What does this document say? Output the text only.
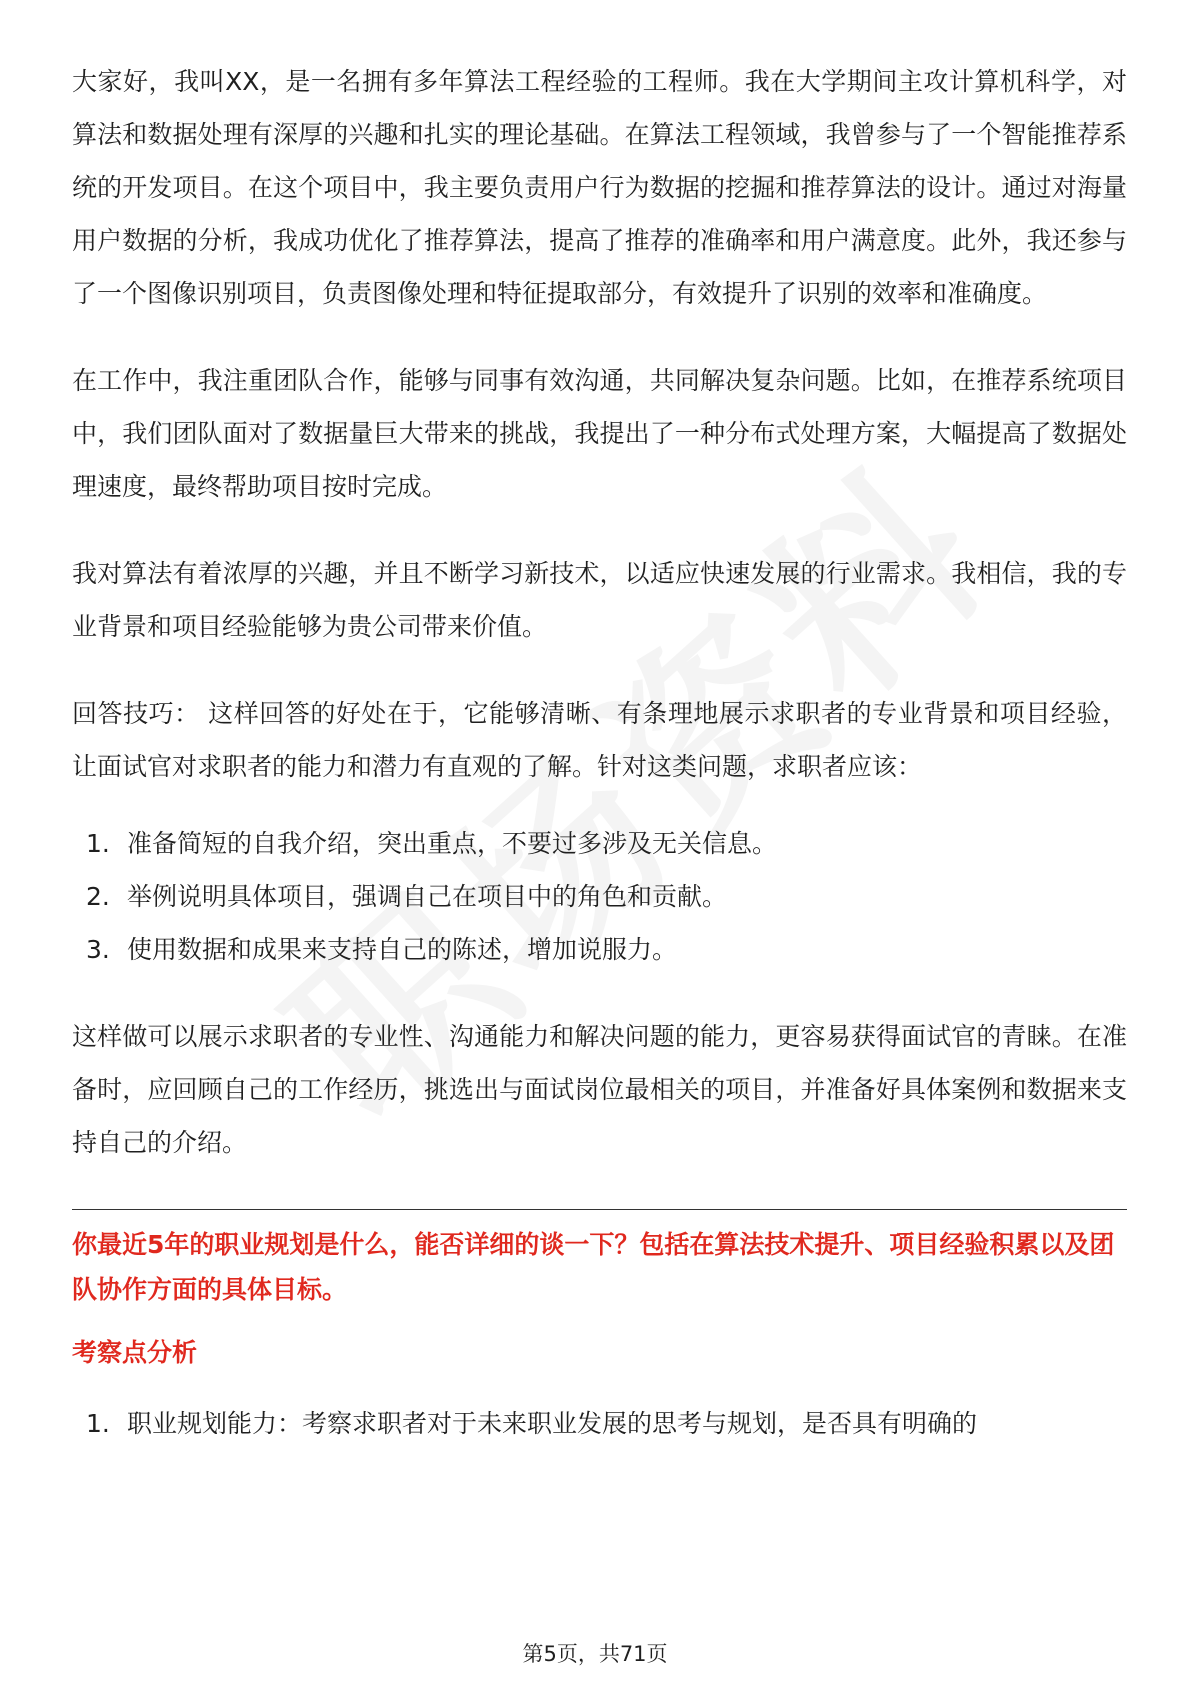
大家好，我叫XX，是一名拥有多年算法工程经验的工程师。我在大学期间主攻计算机科学，对算法和数据处理有深厚的兴趣和扎实的理论基础。在算法工程领域，我曾参与了一个智能推荐系统的开发项目。在这个项目中，我主要负责用户行为数据的挖掘和推荐算法的设计。通过对海量用户数据的分析，我成功优化了推荐算法，提高了推荐的准确率和用户满意度。此外，我还参与了一个图像识别项目，负责图像处理和特征提取部分，有效提升了识别的效率和准确度。

在工作中，我注重团队合作，能够与同事有效沟通，共同解决复杂问题。比如，在推荐系统项目中，我们团队面对了数据量巨大带来的挑战，我提出了一种分布式处理方案，大幅提高了数据处理速度，最终帮助项目按时完成。

我对算法有着浓厚的兴趣，并且不断学习新技术，以适应快速发展的行业需求。我相信，我的专业背景和项目经验能够为贵公司带来价值。

回答技巧： 这样回答的好处在于，它能够清晰、有条理地展示求职者的专业背景和项目经验，让面试官对求职者的能力和潜力有直观的了解。针对这类问题，求职者应该：

1. 准备简短的自我介绍，突出重点，不要过多涉及无关信息。
2. 举例说明具体项目，强调自己在项目中的角色和贡献。
3. 使用数据和成果来支持自己的陈述，增加说服力。

这样做可以展示求职者的专业性、沟通能力和解决问题的能力，更容易获得面试官的青睐。在准备时，应回顾自己的工作经历，挑选出与面试岗位最相关的项目，并准备好具体案例和数据来支持自己的介绍。

你最近5年的职业规划是什么，能否详细的谈一下？包括在算法技术提升、项目经验积累以及团队协作方面的具体目标。

考察点分析

1. 职业规划能力：考察求职者对于未来职业发展的思考与规划，是否具有明确的
第5页，共71页
